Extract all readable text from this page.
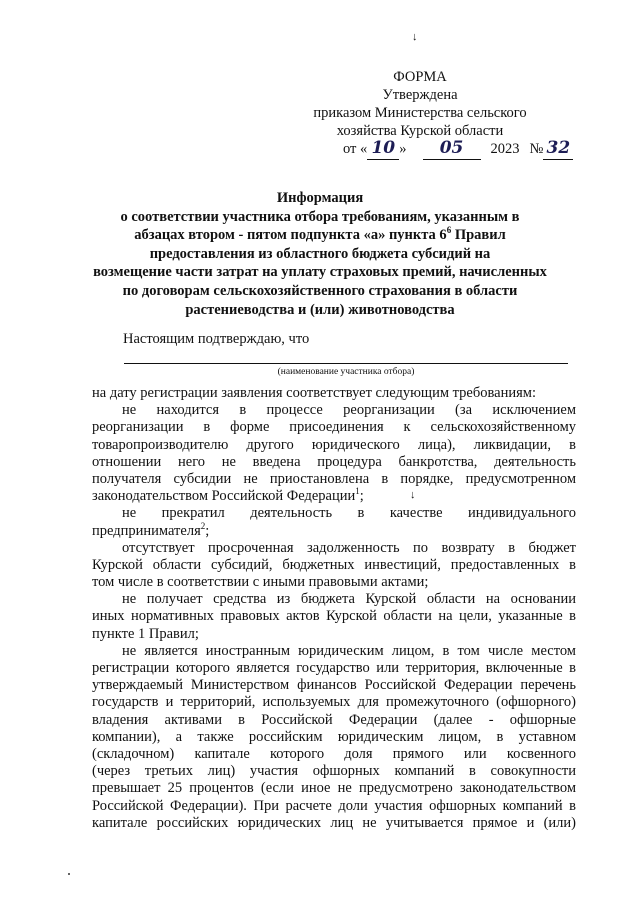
↓
↓
ФОРМА
Утверждена
приказом Министерства сельского
хозяйства Курской области
от « 10 » 05 2023 № 32
Информация
о соответствии участника отбора требованиям, указанным в
абзацах втором - пятом подпункта «а» пункта $6^6$ Правил
предоставления из областного бюджета субсидий на
возмещение части затрат на уплату страховых премий, начисленных
по договорам сельскохозяйственного страхования в области
растениеводства и (или) животноводства
Настоящим подтверждаю, что
(наименование участника отбора)
на дату регистрации заявления соответствует следующим требованиям:
не находится в процессе реорганизации (за исключением
реорганизации в форме присоединения к сельскохозяйственному
товаропроизводителю другого юридического лица), ликвидации, в
отношении него не введена процедура банкротства, деятельность
получателя субсидии не приостановлена в порядке, предусмотренном
законодательством Российской Федерации$^1$;
не прекратил деятельность в качестве индивидуального
предпринимателя$^2$;
отсутствует просроченная задолженность по возврату в бюджет
Курской области субсидий, бюджетных инвестиций, предоставленных в
том числе в соответствии с иными правовыми актами;
не получает средства из бюджета Курской области на основании
иных нормативных правовых актов Курской области на цели, указанные в
пункте 1 Правил;
не является иностранным юридическим лицом, в том числе местом
регистрации которого является государство или территория, включенные в
утверждаемый Министерством финансов Российской Федерации перечень
государств и территорий, используемых для промежуточного (офшорного)
владения активами в Российской Федерации (далее - офшорные
компании), а также российским юридическим лицом, в уставном
(складочном) капитале которого доля прямого или косвенного
(через третьих лиц) участия офшорных компаний в совокупности
превышает 25 процентов (если иное не предусмотрено законодательством
Российской Федерации). При расчете доли участия офшорных компаний в
капитале российских юридических лиц не учитывается прямое и (или)
